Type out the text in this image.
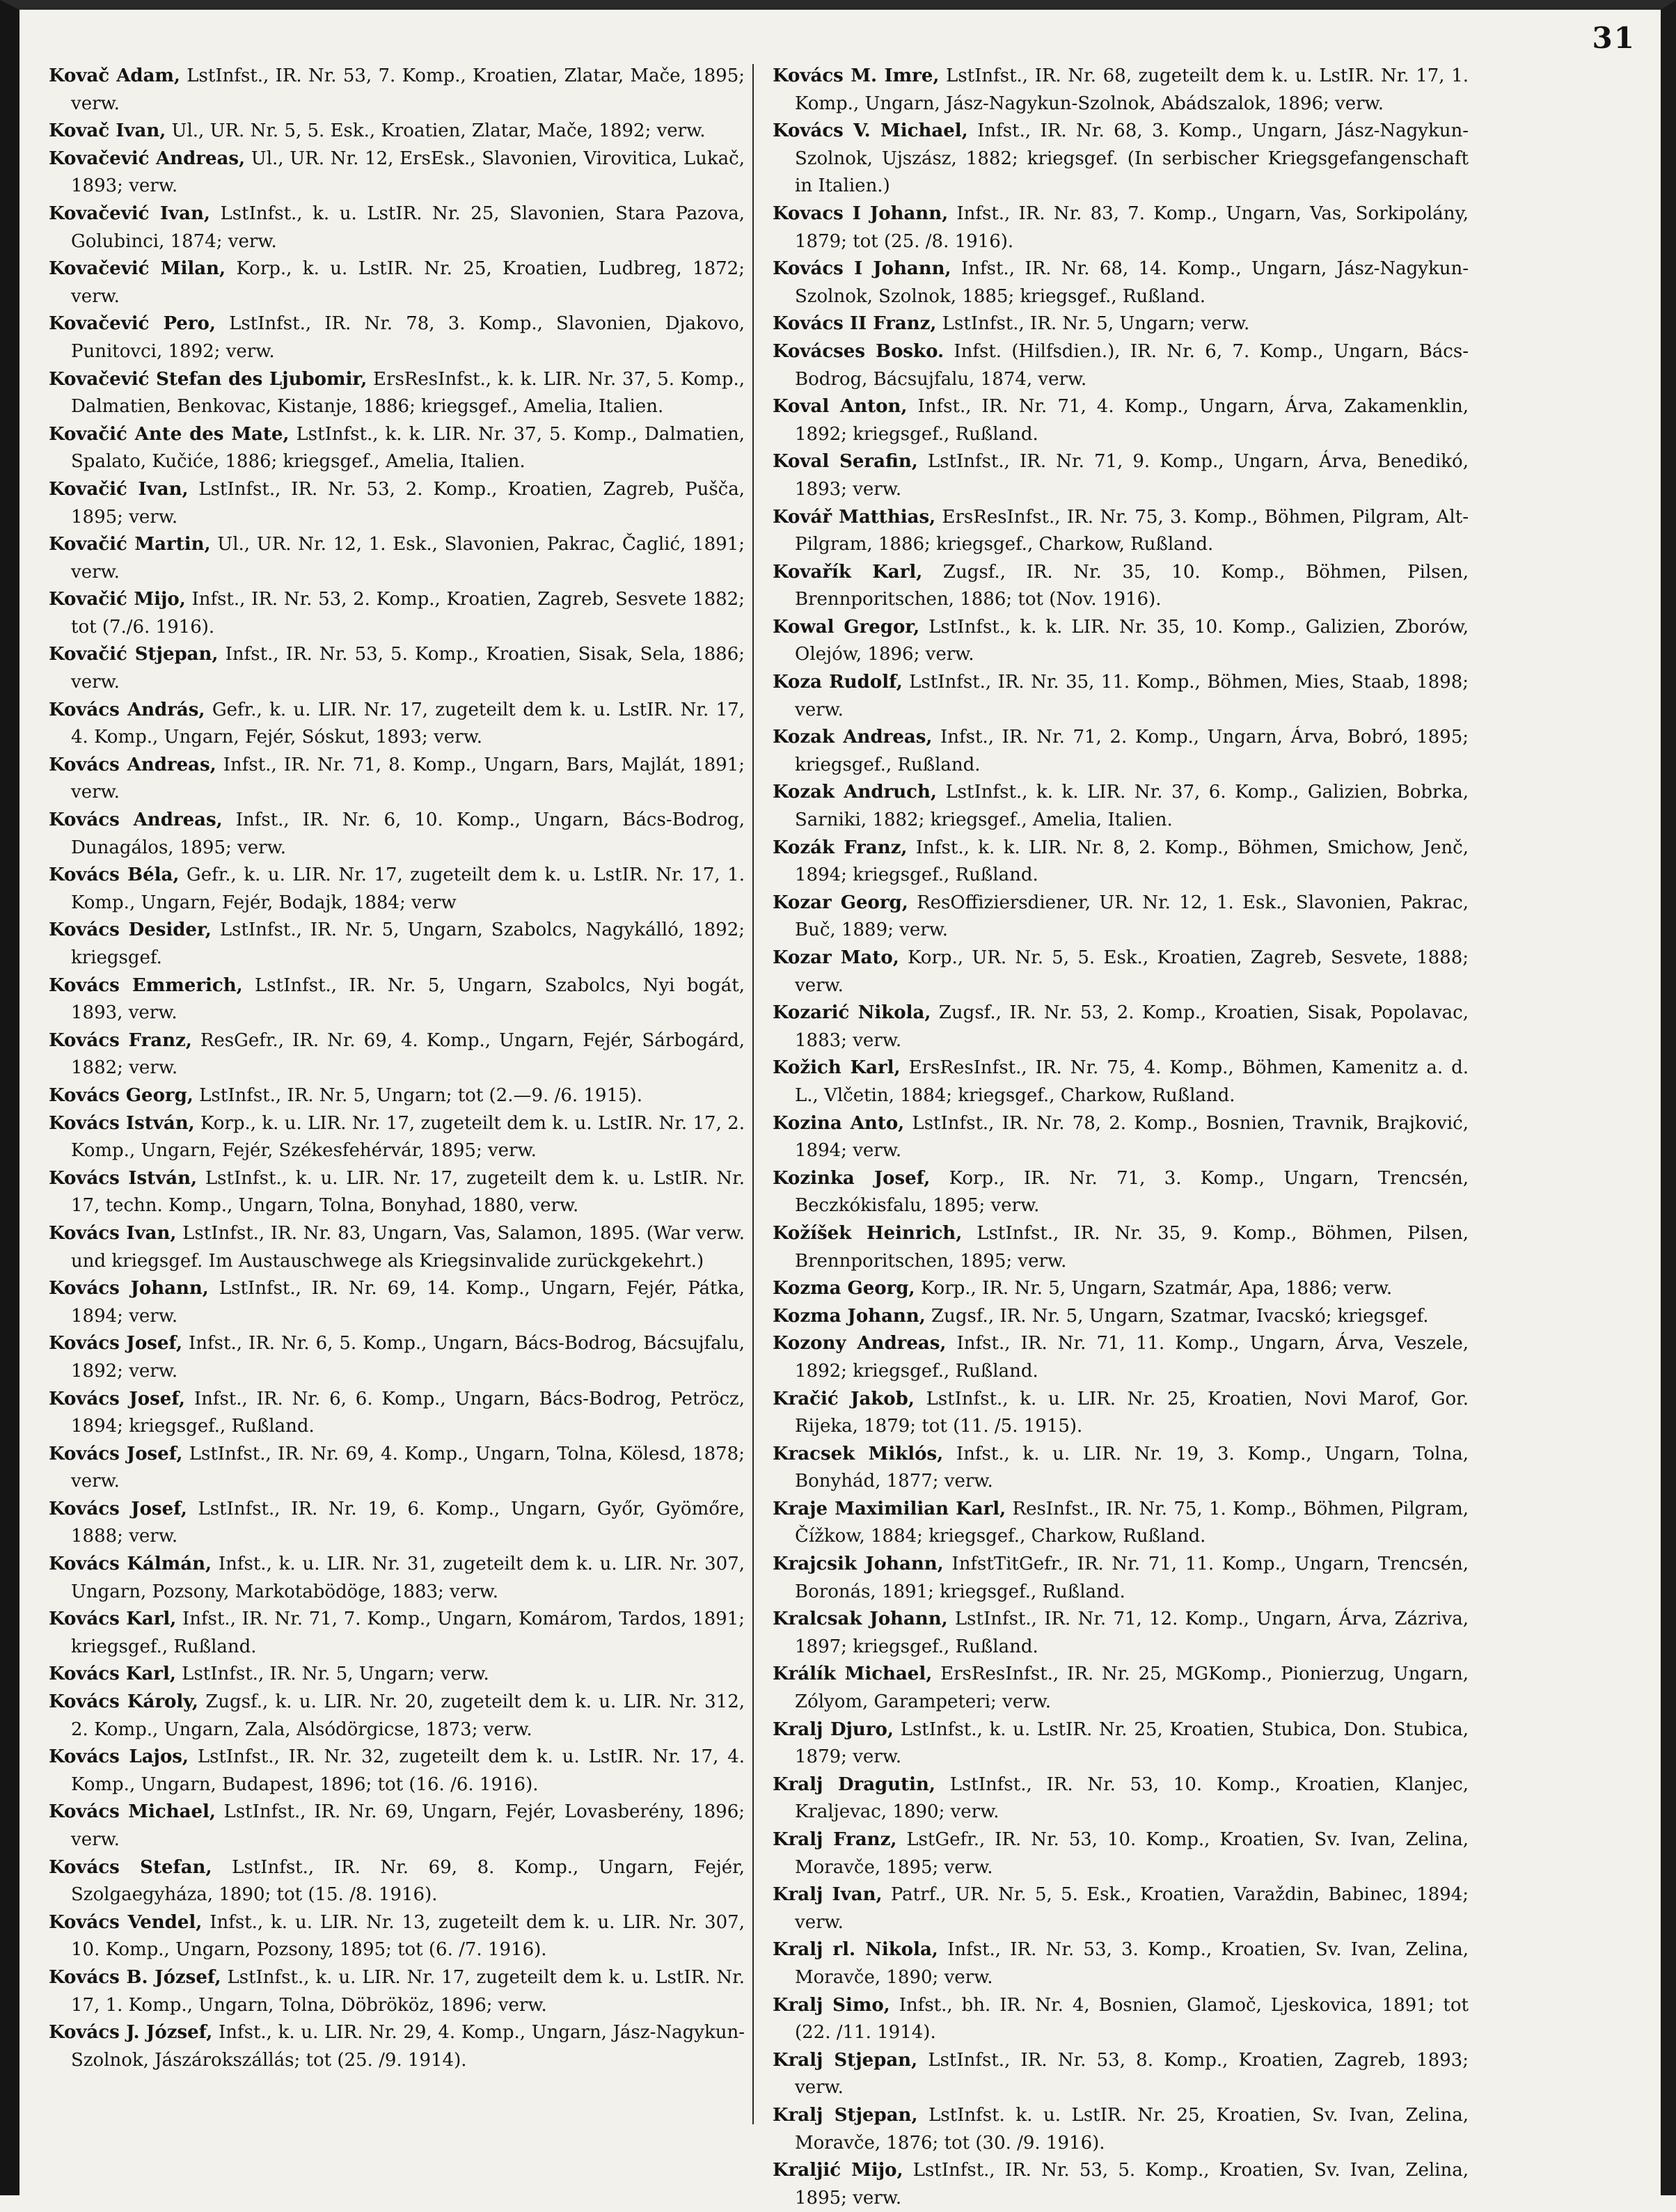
31

Kovač Adam, LstInfst., IR. Nr. 53, 7. Komp., Kroatien, Zlatar, Mače, 1895; verw.

Kovač Ivan, Ul., UR. Nr. 5, 5. Esk., Kroatien, Zlatar, Mače, 1892; verw.

Kovačević Andreas, Ul., UR. Nr. 12, ErsEsk., Slavonien, Virovitica, Lukač, 1893; verw.

Kovačević Ivan, LstInfst., k. u. LstIR. Nr. 25, Slavonien, Stara Pazova, Golubinci, 1874; verw.

Kovačević Milan, Korp., k. u. LstIR. Nr. 25, Kroatien, Ludbreg, 1872; verw.

Kovačević Pero, LstInfst., IR. Nr. 78, 3. Komp., Slavonien, Djakovo, Punitovci, 1892; verw.

Kovačević Stefan des Ljubomir, ErsResInfst., k. k. LIR. Nr. 37, 5. Komp., Dalmatien, Benkovac, Kistanje, 1886; kriegsgef., Amelia, Italien.

Kovačić Ante des Mate, LstInfst., k. k. LIR. Nr. 37, 5. Komp., Dalmatien, Spalato, Kučiće, 1886; kriegsgef., Amelia, Italien.

Kovačić Ivan, LstInfst., IR. Nr. 53, 2. Komp., Kroatien, Zagreb, Pušča, 1895; verw.

Kovačić Martin, Ul., UR. Nr. 12, 1. Esk., Slavonien, Pakrac, Čaglić, 1891; verw.

Kovačić Mijo, Infst., IR. Nr. 53, 2. Komp., Kroatien, Zagreb, Sesvete 1882; tot (7./6. 1916).

Kovačić Stjepan, Infst., IR. Nr. 53, 5. Komp., Kroatien, Sisak, Sela, 1886; verw.

Kovács András, Gefr., k. u. LIR. Nr. 17, zugeteilt dem k. u. LstIR. Nr. 17, 4. Komp., Ungarn, Fejér, Sóskut, 1893; verw.

Kovács Andreas, Infst., IR. Nr. 71, 8. Komp., Ungarn, Bars, Majlát, 1891; verw.

Kovács Andreas, Infst., IR. Nr. 6, 10. Komp., Ungarn, Bács-Bodrog, Dunagálos, 1895; verw.

Kovács Béla, Gefr., k. u. LIR. Nr. 17, zugeteilt dem k. u. LstIR. Nr. 17, 1. Komp., Ungarn, Fejér, Bodajk, 1884; verw

Kovács Desider, LstInfst., IR. Nr. 5, Ungarn, Szabolcs, Nagykálló, 1892; kriegsgef.

Kovács Emmerich, LstInfst., IR. Nr. 5, Ungarn, Szabolcs, Nyi bogát, 1893, verw.

Kovács Franz, ResGefr., IR. Nr. 69, 4. Komp., Ungarn, Fejér, Sárbogárd, 1882; verw.

Kovács Georg, LstInfst., IR. Nr. 5, Ungarn; tot (2.—9. /6. 1915).

Kovács István, Korp., k. u. LIR. Nr. 17, zugeteilt dem k. u. LstIR. Nr. 17, 2. Komp., Ungarn, Fejér, Székesfehérvár, 1895; verw.

Kovács István, LstInfst., k. u. LIR. Nr. 17, zugeteilt dem k. u. LstIR. Nr. 17, techn. Komp., Ungarn, Tolna, Bonyhad, 1880, verw.

Kovács Ivan, LstInfst., IR. Nr. 83, Ungarn, Vas, Salamon, 1895. (War verw. und kriegsgef. Im Austauschwege als Kriegsinvalide zurückgekehrt.)

Kovács Johann, LstInfst., IR. Nr. 69, 14. Komp., Ungarn, Fejér, Pátka, 1894; verw.

Kovács Josef, Infst., IR. Nr. 6, 5. Komp., Ungarn, Bács-Bodrog, Bácsujfalu, 1892; verw.

Kovács Josef, Infst., IR. Nr. 6, 6. Komp., Ungarn, Bács-Bodrog, Petröcz, 1894; kriegsgef., Rußland.

Kovács Josef, LstInfst., IR. Nr. 69, 4. Komp., Ungarn, Tolna, Kölesd, 1878; verw.

Kovács Josef, LstInfst., IR. Nr. 19, 6. Komp., Ungarn, Győr, Gyömőre, 1888; verw.

Kovács Kálmán, Infst., k. u. LIR. Nr. 31, zugeteilt dem k. u. LIR. Nr. 307, Ungarn, Pozsony, Markotabödöge, 1883; verw.

Kovács Karl, Infst., IR. Nr. 71, 7. Komp., Ungarn, Komárom, Tardos, 1891; kriegsgef., Rußland.

Kovács Karl, LstInfst., IR. Nr. 5, Ungarn; verw.

Kovács Károly, Zugsf., k. u. LIR. Nr. 20, zugeteilt dem k. u. LIR. Nr. 312, 2. Komp., Ungarn, Zala, Alsódörgicse, 1873; verw.

Kovács Lajos, LstInfst., IR. Nr. 32, zugeteilt dem k. u. LstIR. Nr. 17, 4. Komp., Ungarn, Budapest, 1896; tot (16. /6. 1916).

Kovács Michael, LstInfst., IR. Nr. 69, Ungarn, Fejér, Lovasberény, 1896; verw.

Kovács Stefan, LstInfst., IR. Nr. 69, 8. Komp., Ungarn, Fejér, Szolgaegyháza, 1890; tot (15. /8. 1916).

Kovács Vendel, Infst., k. u. LIR. Nr. 13, zugeteilt dem k. u. LIR. Nr. 307, 10. Komp., Ungarn, Pozsony, 1895; tot (6. /7. 1916).

Kovács B. József, LstInfst., k. u. LIR. Nr. 17, zugeteilt dem k. u. LstIR. Nr. 17, 1. Komp., Ungarn, Tolna, Döbrököz, 1896; verw.

Kovács J. József, Infst., k. u. LIR. Nr. 29, 4. Komp., Ungarn, Jász-Nagykun-Szolnok, Jászárokszállás; tot (25. /9. 1914).

Kovács M. Imre, LstInfst., IR. Nr. 68, zugeteilt dem k. u. LstIR. Nr. 17, 1. Komp., Ungarn, Jász-Nagykun-Szolnok, Abádszalok, 1896; verw.

Kovács V. Michael, Infst., IR. Nr. 68, 3. Komp., Ungarn, Jász-Nagykun-Szolnok, Ujszász, 1882; kriegsgef. (In serbischer Kriegsgefangenschaft in Italien.)

Kovacs I Johann, Infst., IR. Nr. 83, 7. Komp., Ungarn, Vas, Sorkipolány, 1879; tot (25. /8. 1916).

Kovács I Johann, Infst., IR. Nr. 68, 14. Komp., Ungarn, Jász-Nagykun-Szolnok, Szolnok, 1885; kriegsgef., Rußland.

Kovács II Franz, LstInfst., IR. Nr. 5, Ungarn; verw.

Kovácses Bosko. Infst. (Hilfsdien.), IR. Nr. 6, 7. Komp., Ungarn, Bács-Bodrog, Bácsujfalu, 1874, verw.

Koval Anton, Infst., IR. Nr. 71, 4. Komp., Ungarn, Árva, Zakamenklin, 1892; kriegsgef., Rußland.

Koval Serafin, LstInfst., IR. Nr. 71, 9. Komp., Ungarn, Árva, Benedikó, 1893; verw.

Kovář Matthias, ErsResInfst., IR. Nr. 75, 3. Komp., Böhmen, Pilgram, Alt-Pilgram, 1886; kriegsgef., Charkow, Rußland.

Kovařík Karl, Zugsf., IR. Nr. 35, 10. Komp., Böhmen, Pilsen, Brennporitschen, 1886; tot (Nov. 1916).

Kowal Gregor, LstInfst., k. k. LIR. Nr. 35, 10. Komp., Galizien, Zborów, Olejów, 1896; verw.

Koza Rudolf, LstInfst., IR. Nr. 35, 11. Komp., Böhmen, Mies, Staab, 1898; verw.

Kozak Andreas, Infst., IR. Nr. 71, 2. Komp., Ungarn, Árva, Bobró, 1895; kriegsgef., Rußland.

Kozak Andruch, LstInfst., k. k. LIR. Nr. 37, 6. Komp., Galizien, Bobrka, Sarniki, 1882; kriegsgef., Amelia, Italien.

Kozák Franz, Infst., k. k. LIR. Nr. 8, 2. Komp., Böhmen, Smichow, Jenč, 1894; kriegsgef., Rußland.

Kozar Georg, ResOffiziersdiener, UR. Nr. 12, 1. Esk., Slavonien, Pakrac, Buč, 1889; verw.

Kozar Mato, Korp., UR. Nr. 5, 5. Esk., Kroatien, Zagreb, Sesvete, 1888; verw.

Kozarić Nikola, Zugsf., IR. Nr. 53, 2. Komp., Kroatien, Sisak, Popolavac, 1883; verw.

Kožich Karl, ErsResInfst., IR. Nr. 75, 4. Komp., Böhmen, Kamenitz a. d. L., Vlčetin, 1884; kriegsgef., Charkow, Rußland.

Kozina Anto, LstInfst., IR. Nr. 78, 2. Komp., Bosnien, Travnik, Brajković, 1894; verw.

Kozinka Josef, Korp., IR. Nr. 71, 3. Komp., Ungarn, Trencsén, Beczkókisfalu, 1895; verw.

Kožíšek Heinrich, LstInfst., IR. Nr. 35, 9. Komp., Böhmen, Pilsen, Brennporitschen, 1895; verw.

Kozma Georg, Korp., IR. Nr. 5, Ungarn, Szatmár, Apa, 1886; verw.

Kozma Johann, Zugsf., IR. Nr. 5, Ungarn, Szatmar, Ivacskó; kriegsgef.

Kozony Andreas, Infst., IR. Nr. 71, 11. Komp., Ungarn, Árva, Veszele, 1892; kriegsgef., Rußland.

Kračić Jakob, LstInfst., k. u. LIR. Nr. 25, Kroatien, Novi Marof, Gor. Rijeka, 1879; tot (11. /5. 1915).

Kracsek Miklós, Infst., k. u. LIR. Nr. 19, 3. Komp., Ungarn, Tolna, Bonyhád, 1877; verw.

Kraje Maximilian Karl, ResInfst., IR. Nr. 75, 1. Komp., Böhmen, Pilgram, Čížkow, 1884; kriegsgef., Charkow, Rußland.

Krajcsik Johann, InfstTitGefr., IR. Nr. 71, 11. Komp., Ungarn, Trencsén, Boronás, 1891; kriegsgef., Rußland.

Kralcsak Johann, LstInfst., IR. Nr. 71, 12. Komp., Ungarn, Árva, Zázriva, 1897; kriegsgef., Rußland.

Králík Michael, ErsResInfst., IR. Nr. 25, MGKomp., Pionierzug, Ungarn, Zólyom, Garampeteri; verw.

Kralj Djuro, LstInfst., k. u. LstIR. Nr. 25, Kroatien, Stubica, Don. Stubica, 1879; verw.

Kralj Dragutin, LstInfst., IR. Nr. 53, 10. Komp., Kroatien, Klanjec, Kraljevac, 1890; verw.

Kralj Franz, LstGefr., IR. Nr. 53, 10. Komp., Kroatien, Sv. Ivan, Zelina, Moravče, 1895; verw.

Kralj Ivan, Patrf., UR. Nr. 5, 5. Esk., Kroatien, Varaždin, Babinec, 1894; verw.

Kralj rl. Nikola, Infst., IR. Nr. 53, 3. Komp., Kroatien, Sv. Ivan, Zelina, Moravče, 1890; verw.

Kralj Simo, Infst., bh. IR. Nr. 4, Bosnien, Glamoč, Ljeskovica, 1891; tot (22. /11. 1914).

Kralj Stjepan, LstInfst., IR. Nr. 53, 8. Komp., Kroatien, Zagreb, 1893; verw.

Kralj Stjepan, LstInfst. k. u. LstIR. Nr. 25, Kroatien, Sv. Ivan, Zelina, Moravče, 1876; tot (30. /9. 1916).

Kraljić Mijo, LstInfst., IR. Nr. 53, 5. Komp., Kroatien, Sv. Ivan, Zelina, 1895; verw.
